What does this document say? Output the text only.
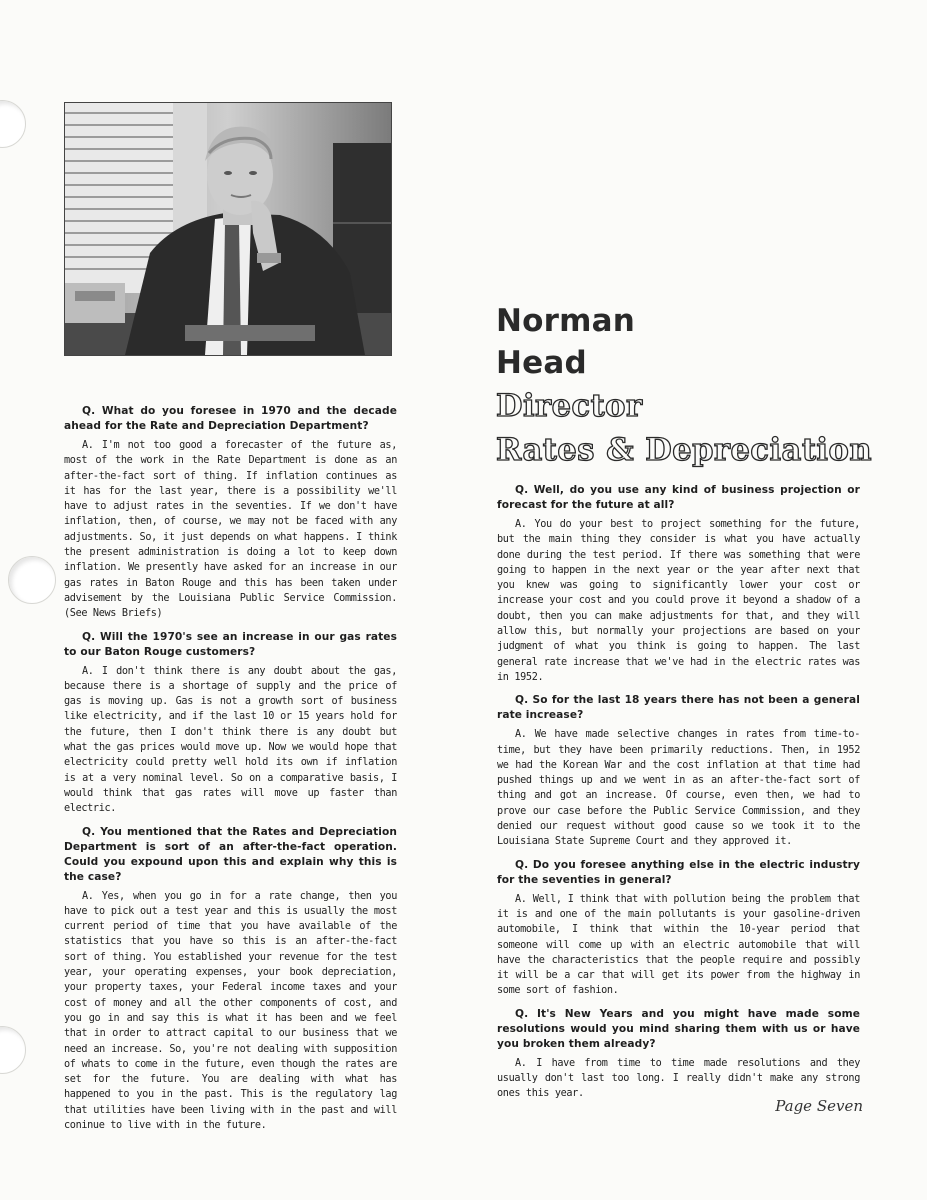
Q. What do you foresee in 1970 and the decade ahead for the Rate and Depreciation Department?

A. I'm not too good a forecaster of the future as, most of the work in the Rate Department is done as an after-the-fact sort of thing. If inflation continues as it has for the last year, there is a possibility we'll have to adjust rates in the seventies. If we don't have inflation, then, of course, we may not be faced with any adjustments. So, it just depends on what happens. I think the present administration is doing a lot to keep down inflation. We presently have asked for an increase in our gas rates in Baton Rouge and this has been taken under advisement by the Louisiana Public Service Commission. (See News Briefs)

Q. Will the 1970's see an increase in our gas rates to our Baton Rouge customers?

A. I don't think there is any doubt about the gas, because there is a shortage of supply and the price of gas is moving up. Gas is not a growth sort of business like electricity, and if the last 10 or 15 years hold for the future, then I don't think there is any doubt but what the gas prices would move up. Now we would hope that electricity could pretty well hold its own if inflation is at a very nominal level. So on a comparative basis, I would think that gas rates will move up faster than electric.

Q. You mentioned that the Rates and Depreciation Department is sort of an after-the-fact operation. Could you expound upon this and explain why this is the case?

A. Yes, when you go in for a rate change, then you have to pick out a test year and this is usually the most current period of time that you have available of the statistics that you have so this is an after-the-fact sort of thing. You established your revenue for the test year, your operating expenses, your book depreciation, your property taxes, your Federal income taxes and your cost of money and all the other components of cost, and you go in and say this is what it has been and we feel that in order to attract capital to our business that we need an increase. So, you're not dealing with supposition of whats to come in the future, even though the rates are set for the future. You are dealing with what has happened to you in the past. This is the regulatory lag that utilities have been living with in the past and will coninue to live with in the future.

Norman
Head
Director
Rates & Depreciation

Q. Well, do you use any kind of business projection or forecast for the future at all?

A. You do your best to project something for the future, but the main thing they consider is what you have actually done during the test period. If there was something that were going to happen in the next year or the year after next that you knew was going to significantly lower your cost or increase your cost and you could prove it beyond a shadow of a doubt, then you can make adjustments for that, and they will allow this, but normally your projections are based on your judgment of what you think is going to happen. The last general rate increase that we've had in the electric rates was in 1952.

Q. So for the last 18 years there has not been a general rate increase?

A. We have made selective changes in rates from time-to-time, but they have been primarily reductions. Then, in 1952 we had the Korean War and the cost inflation at that time had pushed things up and we went in as an after-the-fact sort of thing and got an increase. Of course, even then, we had to prove our case before the Public Service Commission, and they denied our request without good cause so we took it to the Louisiana State Supreme Court and they approved it.

Q. Do you foresee anything else in the electric industry for the seventies in general?

A. Well, I think that with pollution being the problem that it is and one of the main pollutants is your gasoline-driven automobile, I think that within the 10-year period that someone will come up with an electric automobile that will have the characteristics that the people require and possibly it will be a car that will get its power from the highway in some sort of fashion.

Q. It's New Years and you might have made some resolutions would you mind sharing them with us or have you broken them already?

A. I have from time to time made resolutions and they usually don't last too long. I really didn't make any strong ones this year.

Page Seven
